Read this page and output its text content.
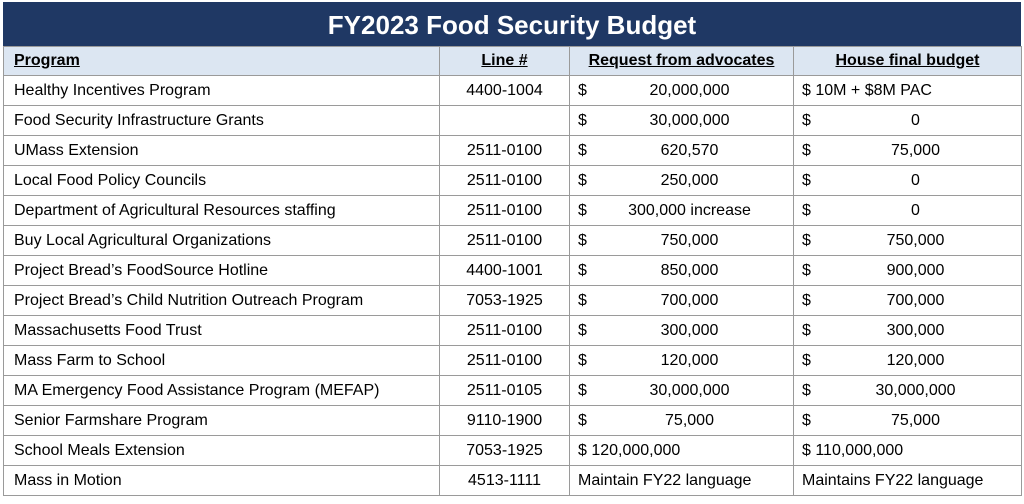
FY2023 Food Security Budget
Program	Line #	Request from advocates	House final budget
Healthy Incentives Program	4400-1004	$ 20,000,000	$ 10M + $8M PAC

Food Security Infrastructure Grants		$ 30,000,000	$ 0

UMass Extension	2511-0100	$ 620,570	$ 75,000

Local Food Policy Councils	2511-0100	$ 250,000	$ 0

Department of Agricultural Resources staffing	2511-0100	$ 300,000 increase	$ 0

Buy Local Agricultural Organizations	2511-0100	$ 750,000	$ 750,000

Project Bread’s FoodSource Hotline	4400-1001	$ 850,000	$ 900,000

Project Bread’s Child Nutrition Outreach Program	7053-1925	$ 700,000	$ 700,000

Massachusetts Food Trust	2511-0100	$ 300,000	$ 300,000

Mass Farm to School	2511-0100	$ 120,000	$ 120,000

MA Emergency Food Assistance Program (MEFAP)	2511-0105	$ 30,000,000	$ 30,000,000

Senior Farmshare Program	9110-1900	$ 75,000	$ 75,000

School Meals Extension	7053-1925	$ 120,000,000	$ 110,000,000

Mass in Motion	4513-1111	Maintain FY22 language	Maintains FY22 language
